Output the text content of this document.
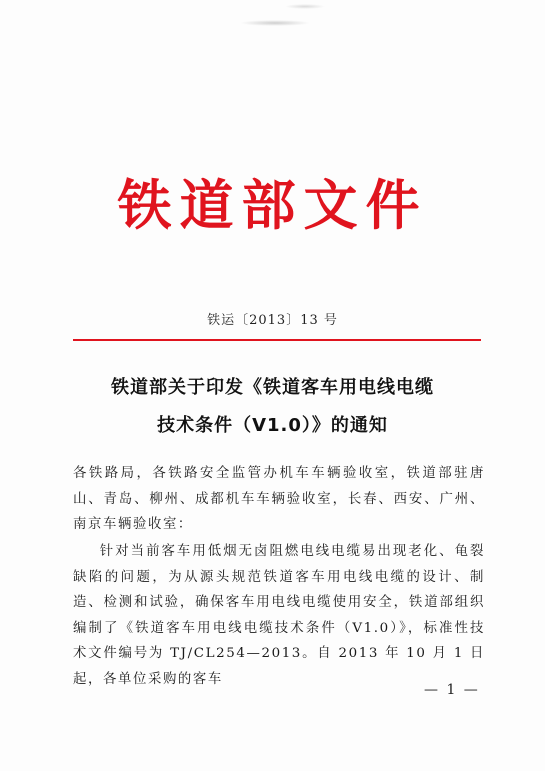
铁道部文件
铁运〔2013〕13 号
铁道部关于印发《铁道客车用电线电缆
技术条件（V1.0）》的通知

各铁路局，各铁路安全监管办机车车辆验收室，铁道部驻唐山、青岛、柳州、成都机车车辆验收室，长春、西安、广州、南京车辆验收室：

针对当前客车用低烟无卤阻燃电线电缆易出现老化、龟裂缺陷的问题，为从源头规范铁道客车用电线电缆的设计、制造、检测和试验，确保客车用电线电缆使用安全，铁道部组织编制了《铁道客车用电线电缆技术条件（V1.0）》，标准性技术文件编号为 TJ/CL254—2013。自 2013 年 10 月 1 日起，各单位采购的客车

— 1 —
